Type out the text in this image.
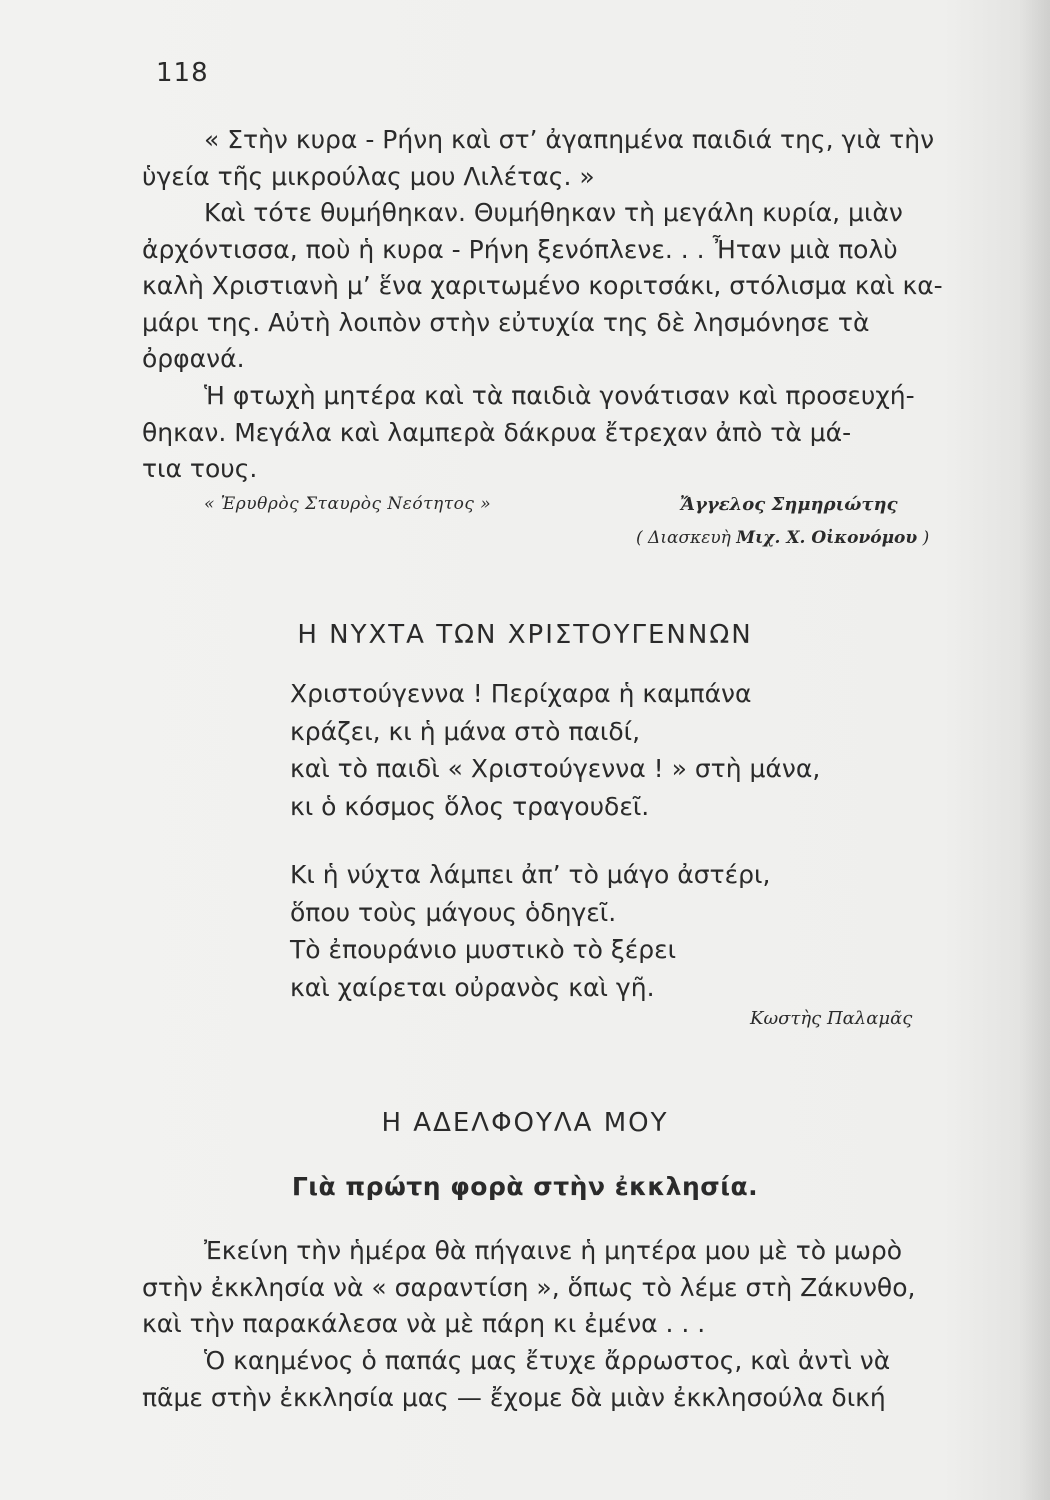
118
« Στὴν κυρα - Ρήνη καὶ στ’ ἀγαπημένα παιδιά της, γιὰ τὴν
ὑγεία τῆς μικρούλας μου Λιλέτας. »
Καὶ τότε θυμήθηκαν. Θυμήθηκαν τὴ μεγάλη κυρία, μιὰν
ἀρχόντισσα, ποὺ ἡ κυρα - Ρήνη ξενόπλενε. . . Ἦταν μιὰ πολὺ
καλὴ Χριστιανὴ μ’ ἕνα χαριτωμένο κοριτσάκι, στόλισμα καὶ κα-
μάρι της. Αὐτὴ λοιπὸν στὴν εὐτυχία της δὲ λησμόνησε τὰ
ὀρφανά.
Ἡ φτωχὴ μητέρα καὶ τὰ παιδιὰ γονάτισαν καὶ προσευχή-
θηκαν. Μεγάλα καὶ λαμπερὰ δάκρυα ἔτρεχαν ἀπὸ τὰ μά-
τια τους.
« Ἐρυθρὸς Σταυρὸς Νεότητος »	Ἄγγελος Σημηριώτης
( Διασκευὴ Μιχ. Χ. Οἰκονόμου )
Η ΝΥΧΤΑ ΤΩΝ ΧΡΙΣΤΟΥΓΕΝΝΩΝ
Χριστούγεννα ! Περίχαρα ἡ καμπάνα
κράζει, κι ἡ μάνα στὸ παιδί,
καὶ τὸ παιδὶ « Χριστούγεννα ! » στὴ μάνα,
κι ὁ κόσμος ὅλος τραγουδεῖ.
Κι ἡ νύχτα λάμπει ἀπ’ τὸ μάγο ἀστέρι,
ὅπου τοὺς μάγους ὁδηγεῖ.
Τὸ ἐπουράνιο μυστικὸ τὸ ξέρει
καὶ χαίρεται οὐρανὸς καὶ γῆ.
Κωστὴς Παλαμᾶς
Η ΑΔΕΛΦΟΥΛΑ ΜΟΥ
Γιὰ πρώτη φορὰ στὴν ἐκκλησία.
Ἐκείνη τὴν ἡμέρα θὰ πήγαινε ἡ μητέρα μου μὲ τὸ μωρὸ
στὴν ἐκκλησία νὰ « σαραντίση », ὅπως τὸ λέμε στὴ Ζάκυνθο,
καὶ τὴν παρακάλεσα νὰ μὲ πάρη κι ἐμένα . . .
Ὁ καημένος ὁ παπάς μας ἔτυχε ἄρρωστος, καὶ ἀντὶ νὰ
πᾶμε στὴν ἐκκλησία μας — ἔχομε δὰ μιὰν ἐκκλησούλα δική
